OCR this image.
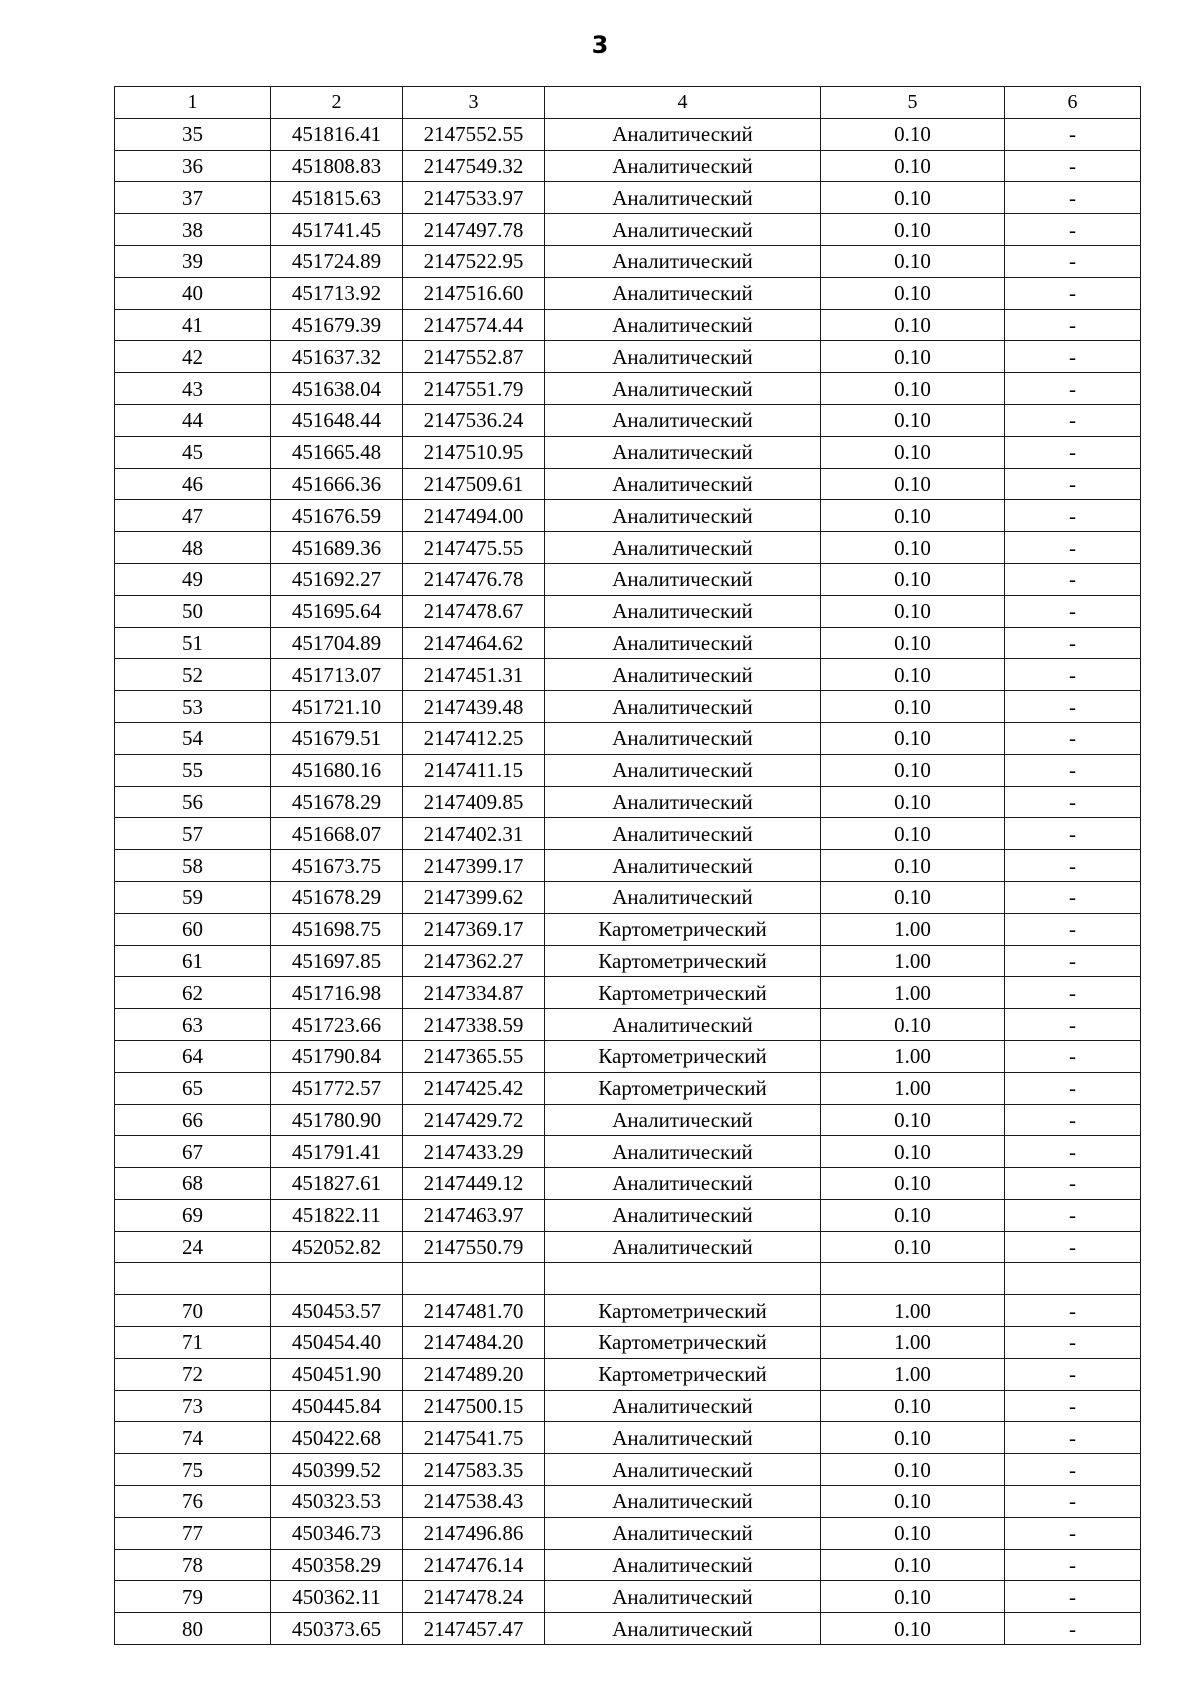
3
1	2	3	4	5	6
35	451816.41	2147552.55	Аналитический	0.10	-
36	451808.83	2147549.32	Аналитический	0.10	-
37	451815.63	2147533.97	Аналитический	0.10	-
38	451741.45	2147497.78	Аналитический	0.10	-
39	451724.89	2147522.95	Аналитический	0.10	-
40	451713.92	2147516.60	Аналитический	0.10	-
41	451679.39	2147574.44	Аналитический	0.10	-
42	451637.32	2147552.87	Аналитический	0.10	-
43	451638.04	2147551.79	Аналитический	0.10	-
44	451648.44	2147536.24	Аналитический	0.10	-
45	451665.48	2147510.95	Аналитический	0.10	-
46	451666.36	2147509.61	Аналитический	0.10	-
47	451676.59	2147494.00	Аналитический	0.10	-
48	451689.36	2147475.55	Аналитический	0.10	-
49	451692.27	2147476.78	Аналитический	0.10	-
50	451695.64	2147478.67	Аналитический	0.10	-
51	451704.89	2147464.62	Аналитический	0.10	-
52	451713.07	2147451.31	Аналитический	0.10	-
53	451721.10	2147439.48	Аналитический	0.10	-
54	451679.51	2147412.25	Аналитический	0.10	-
55	451680.16	2147411.15	Аналитический	0.10	-
56	451678.29	2147409.85	Аналитический	0.10	-
57	451668.07	2147402.31	Аналитический	0.10	-
58	451673.75	2147399.17	Аналитический	0.10	-
59	451678.29	2147399.62	Аналитический	0.10	-
60	451698.75	2147369.17	Картометрический	1.00	-
61	451697.85	2147362.27	Картометрический	1.00	-
62	451716.98	2147334.87	Картометрический	1.00	-
63	451723.66	2147338.59	Аналитический	0.10	-
64	451790.84	2147365.55	Картометрический	1.00	-
65	451772.57	2147425.42	Картометрический	1.00	-
66	451780.90	2147429.72	Аналитический	0.10	-
67	451791.41	2147433.29	Аналитический	0.10	-
68	451827.61	2147449.12	Аналитический	0.10	-
69	451822.11	2147463.97	Аналитический	0.10	-
24	452052.82	2147550.79	Аналитический	0.10	-

70	450453.57	2147481.70	Картометрический	1.00	-
71	450454.40	2147484.20	Картометрический	1.00	-
72	450451.90	2147489.20	Картометрический	1.00	-
73	450445.84	2147500.15	Аналитический	0.10	-
74	450422.68	2147541.75	Аналитический	0.10	-
75	450399.52	2147583.35	Аналитический	0.10	-
76	450323.53	2147538.43	Аналитический	0.10	-
77	450346.73	2147496.86	Аналитический	0.10	-
78	450358.29	2147476.14	Аналитический	0.10	-
79	450362.11	2147478.24	Аналитический	0.10	-
80	450373.65	2147457.47	Аналитический	0.10	-
